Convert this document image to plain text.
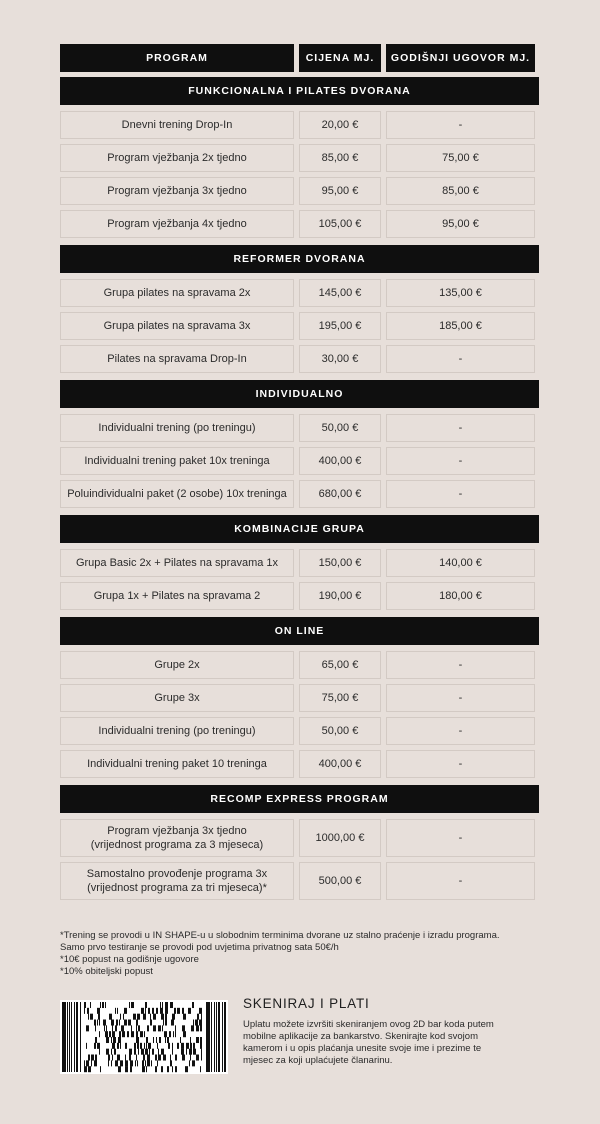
PROGRAM	CIJENA MJ.	GODIŠNJI UGOVOR MJ.
FUNKCIONALNA I PILATES DVORANA
Dnevni trening Drop-In	20,00 €	-
Program vježbanja 2x tjedno	85,00 €	75,00 €
Program vježbanja 3x tjedno	95,00 €	85,00 €
Program vježbanja 4x tjedno	105,00 €	95,00 €
REFORMER DVORANA
Grupa pilates na spravama 2x	145,00 €	135,00 €
Grupa pilates na spravama 3x	195,00 €	185,00 €
Pilates na spravama Drop-In	30,00 €	-
INDIVIDUALNO
Individualni trening (po treningu)	50,00 €	-
Individualni trening paket 10x treninga	400,00 €	-
Poluindividualni paket (2 osobe) 10x treninga	680,00 €	-
KOMBINACIJE GRUPA
Grupa Basic 2x + Pilates na spravama 1x	150,00 €	140,00 €
Grupa 1x + Pilates na spravama 2	190,00 €	180,00 €
ON LINE
Grupe 2x	65,00 €	-
Grupe 3x	75,00 €	-
Individualni trening (po treningu)	50,00 €	-
Individualni trening paket 10 treninga	400,00 €	-
RECOMP EXPRESS PROGRAM
Program vježbanja 3x tjedno
(vrijednost programa za 3 mjeseca)
1000,00 €	-
Samostalno provođenje programa 3x
(vrijednost programa za tri mjeseca)*
500,00 €	-
*Trening se provodi u IN SHAPE-u u slobodnim terminima dvorane uz stalno praćenje i izradu programa.
Samo prvo testiranje se provodi pod uvjetima privatnog sata 50€/h
*10€ popust na godišnje ugovore
*10% obiteljski popust
SKENIRAJ I PLATI
Uplatu možete izvršiti skeniranjem ovog 2D bar koda putem
mobilne aplikacije za bankarstvo. Skenirajte kod svojom
kamerom i u opis plaćanja unesite svoje ime i prezime te
mjesec za koji uplaćujete članarinu.
